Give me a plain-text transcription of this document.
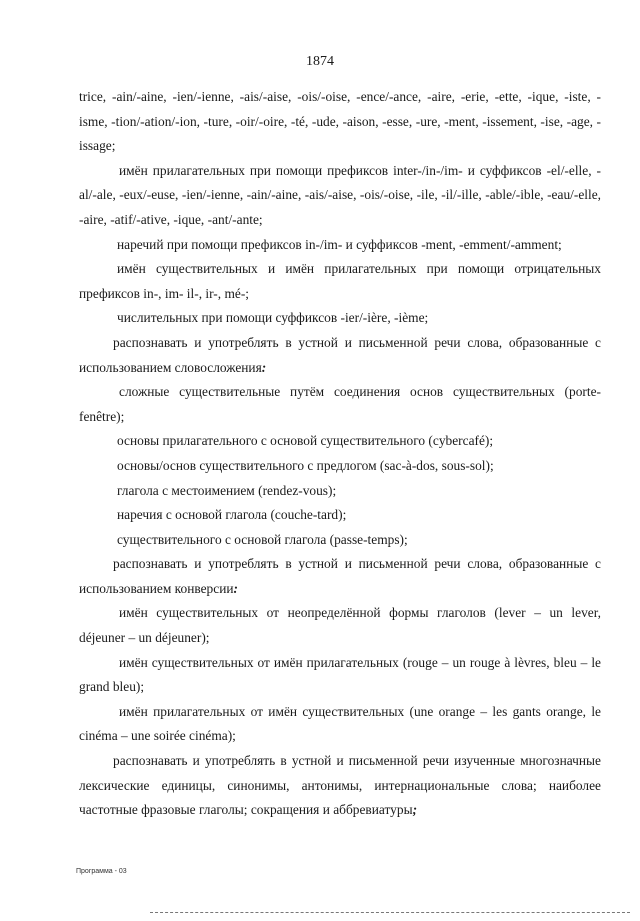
1874

trice, -ain/-aine, -ien/-ienne, -ais/-aise, -ois/-oise, -ence/-ance, -aire, -erie, -ette, -ique, -iste, -isme, -tion/-ation/-ion, -ture, -oir/-oire, -té, -ude, -aison, -esse, -ure, -ment, -issement, -ise, -age, -issage;

имён прилагательных при помощи префиксов inter-/in-/im- и суффиксов -el/-elle, -al/-ale, -eux/-euse, -ien/-ienne, -ain/-aine, -ais/-aise, -ois/-oise, -ile, -il/-ille, -able/-ible, -eau/-elle, -aire, -atif/-ative, -ique, -ant/-ante;

наречий при помощи префиксов in-/im- и суффиксов -ment, -emment/-amment;

имён существительных и имён прилагательных при помощи отрицательных префиксов in-, im- il-, ir-, mé-;

числительных при помощи суффиксов -ier/-ière, -ième;

распознавать и употреблять в устной и письменной речи слова, образованные с использованием словосложения:

сложные существительные путём соединения основ существительных (porte-fenêtre);

основы прилагательного с основой существительного (cybercafé);

основы/основ существительного с предлогом (sac-à-dos, sous-sol);

глагола с местоимением (rendez-vous);

наречия с основой глагола (couche-tard);

существительного с основой глагола (passe-temps);

распознавать и употреблять в устной и письменной речи слова, образованные с использованием конверсии:

имён существительных от неопределённой формы глаголов (lever – un lever, déjeuner – un déjeuner);

имён существительных от имён прилагательных (rouge – un rouge à lèvres, bleu – le grand bleu);

имён прилагательных от имён существительных (une orange – les gants orange, le cinéma – une soirée cinéma);

распознавать и употреблять в устной и письменной речи изученные многозначные лексические единицы, синонимы, антонимы, интернациональные слова; наиболее частотные фразовые глаголы; сокращения и аббревиатуры;

Программа - 03
